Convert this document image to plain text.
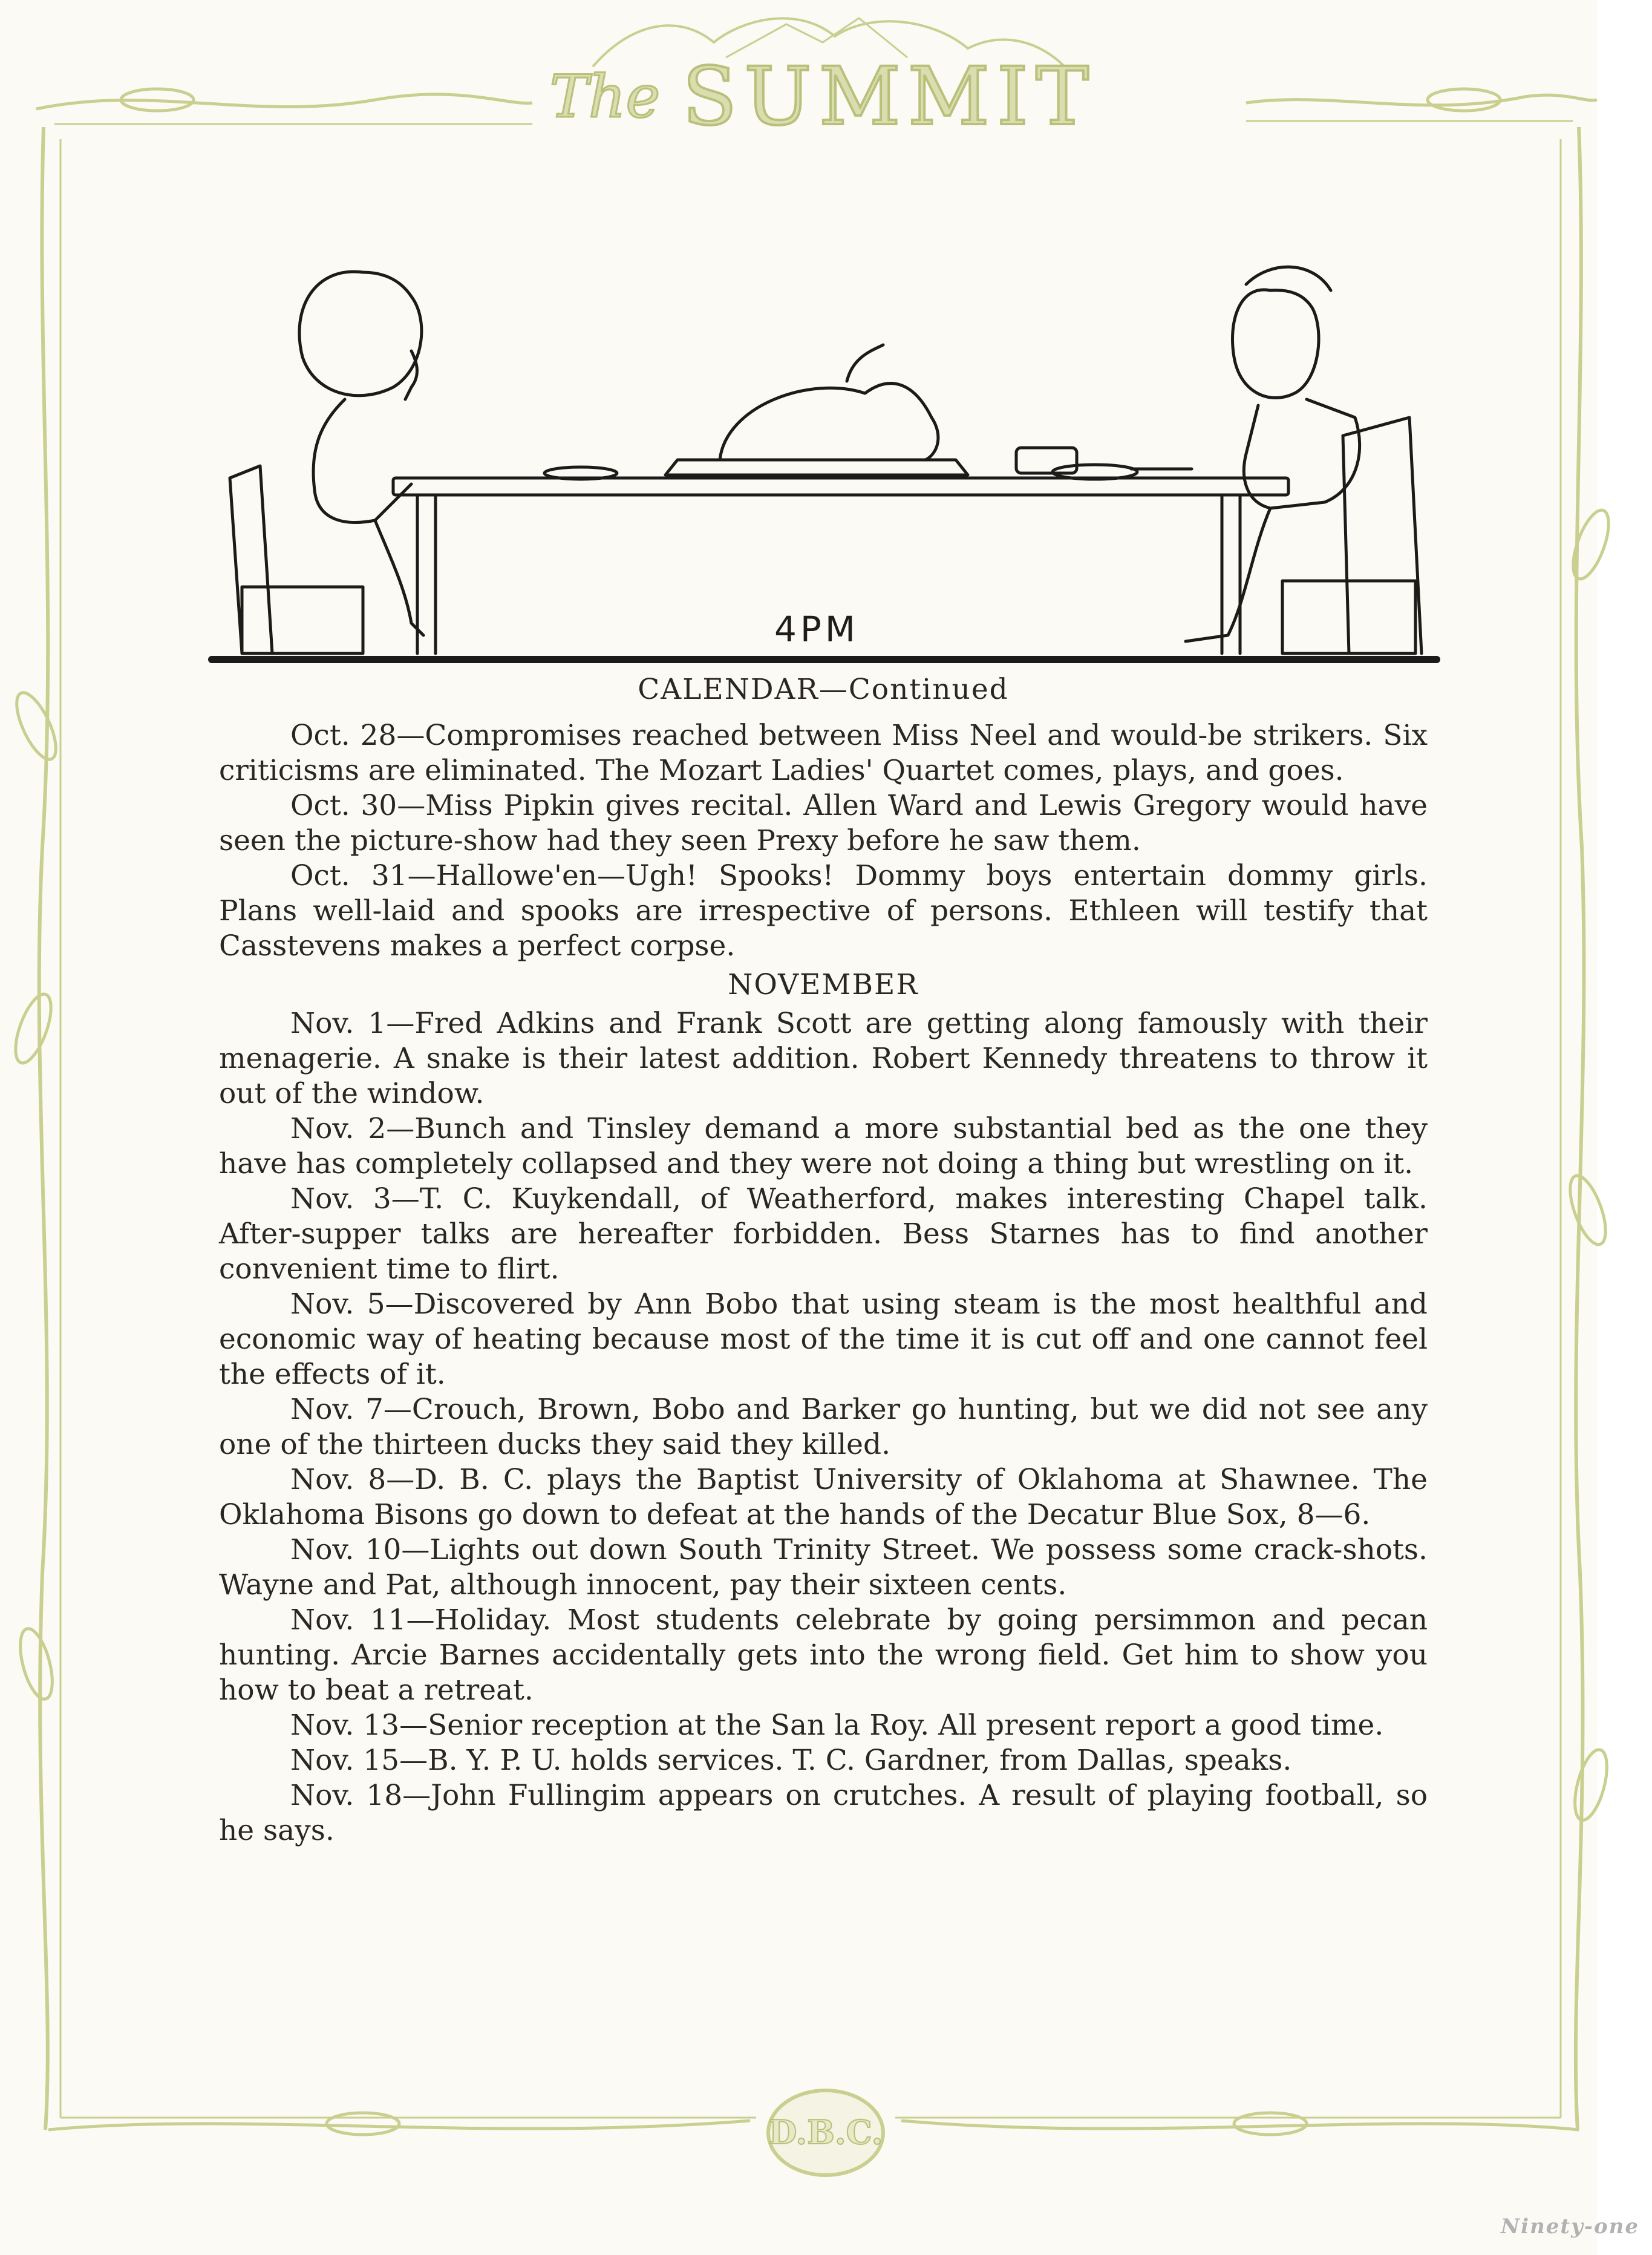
The SUMMIT
4PM

CALENDAR—Continued

Oct. 28—Compromises reached between Miss Neel and would-be strikers. Six criticisms are eliminated. The Mozart Ladies' Quartet comes, plays, and goes.

Oct. 30—Miss Pipkin gives recital. Allen Ward and Lewis Gregory would have seen the picture-show had they seen Prexy before he saw them.

Oct. 31—Hallowe'en—Ugh! Spooks! Dommy boys entertain dommy girls. Plans well-laid and spooks are irrespective of persons. Ethleen will testify that Casstevens makes a perfect corpse.

NOVEMBER

Nov. 1—Fred Adkins and Frank Scott are getting along famously with their menagerie. A snake is their latest addition. Robert Kennedy threatens to throw it out of the window.

Nov. 2—Bunch and Tinsley demand a more substantial bed as the one they have has completely collapsed and they were not doing a thing but wrestling on it.

Nov. 3—T. C. Kuykendall, of Weatherford, makes interesting Chapel talk. After-supper talks are hereafter forbidden. Bess Starnes has to find another convenient time to flirt.

Nov. 5—Discovered by Ann Bobo that using steam is the most healthful and economic way of heating because most of the time it is cut off and one cannot feel the effects of it.

Nov. 7—Crouch, Brown, Bobo and Barker go hunting, but we did not see any one of the thirteen ducks they said they killed.

Nov. 8—D. B. C. plays the Baptist University of Oklahoma at Shawnee. The Oklahoma Bisons go down to defeat at the hands of the Decatur Blue Sox, 8—6.

Nov. 10—Lights out down South Trinity Street. We possess some crack-shots. Wayne and Pat, although innocent, pay their sixteen cents.

Nov. 11—Holiday. Most students celebrate by going persimmon and pecan hunting. Arcie Barnes accidentally gets into the wrong field. Get him to show you how to beat a retreat.

Nov. 13—Senior reception at the San la Roy. All present report a good time.

Nov. 15—B. Y. P. U. holds services. T. C. Gardner, from Dallas, speaks.

Nov. 18—John Fullingim appears on crutches. A result of playing football, so he says.

D.B.C.
Ninety-one
